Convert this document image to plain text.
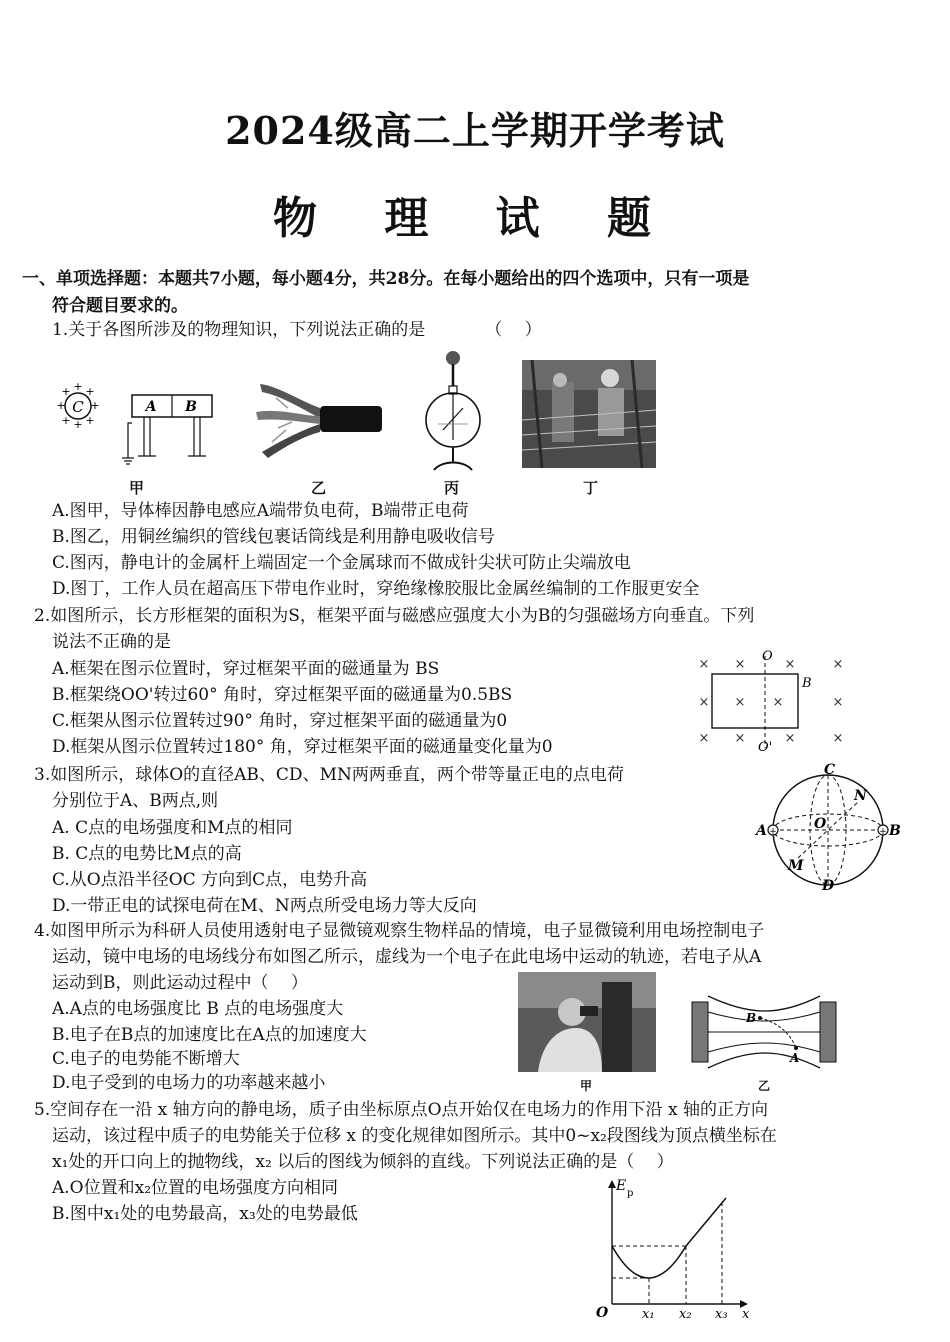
2024级高二上学期开学考试
物 理 试 题
一、单项选择题：本题共7小题，每小题4分，共28分。在每小题给出的四个选项中，只有一项是
符合题目要求的。
1.关于各图所涉及的物理知识，下列说法正确的是	（　 ）
C
+ +
+
+
+ +
+ +
A B
甲	乙	丙	丁
A.图甲，导体棒因静电感应A端带负电荷，B端带正电荷
B.图乙，用铜丝编织的管线包裹话筒线是利用静电吸收信号
C.图丙，静电计的金属杆上端固定一个金属球而不做成针尖状可防止尖端放电
D.图丁，工作人员在超高压下带电作业时，穿绝缘橡胶服比金属丝编制的工作服更安全
2.如图所示，长方形框架的面积为S，框架平面与磁感应强度大小为B的匀强磁场方向垂直。下列
说法不正确的是
A.框架在图示位置时，穿过框架平面的磁通量为 BS
B.框架绕OO'转过60° 角时，穿过框架平面的磁通量为0.5BS
C.框架从图示位置转过90° 角时，穿过框架平面的磁通量为0
D.框架从图示位置转过180° 角，穿过框架平面的磁通量变化量为0
× ×	×	×
× × ×	×
× ×	×	×
O
O'
B
3.如图所示，球体O的直径AB、CD、MN两两垂直，两个带等量正电的点电荷
分别位于A、B两点,则
A. C点的电场强度和M点的相同
B. C点的电势比M点的高
C.从O点沿半径OC 方向到C点，电势升高
D.一带正电的试探电荷在M、N两点所受电场力等大反向
+	+
C
D
A	B
O
M
N
4.如图甲所示为科研人员使用透射电子显微镜观察生物样品的情境，电子显微镜利用电场控制电子
运动，镜中电场的电场线分布如图乙所示，虚线为一个电子在此电场中运动的轨迹，若电子从A
运动到B，则此运动过程中（　 ）
A.A点的电场强度比 B 点的电场强度大
B.电子在B点的加速度比在A点的加速度大
C.电子的电势能不断增大
D.电子受到的电场力的功率越来越小
B
A
甲	乙
5.空间存在一沿 x 轴方向的静电场，质子由坐标原点O点开始仅在电场力的作用下沿 x 轴的正方向
运动，该过程中质子的电势能关于位移 x 的变化规律如图所示。其中0~x₂段图线为顶点横坐标在
x₁处的开口向上的抛物线，x₂ 以后的图线为倾斜的直线。下列说法正确的是（　 ）
A.O位置和x₂位置的电场强度方向相同
B.图中x₁处的电势最高，x₃处的电势最低
E p
O	x₁ x₂ x₃ x
